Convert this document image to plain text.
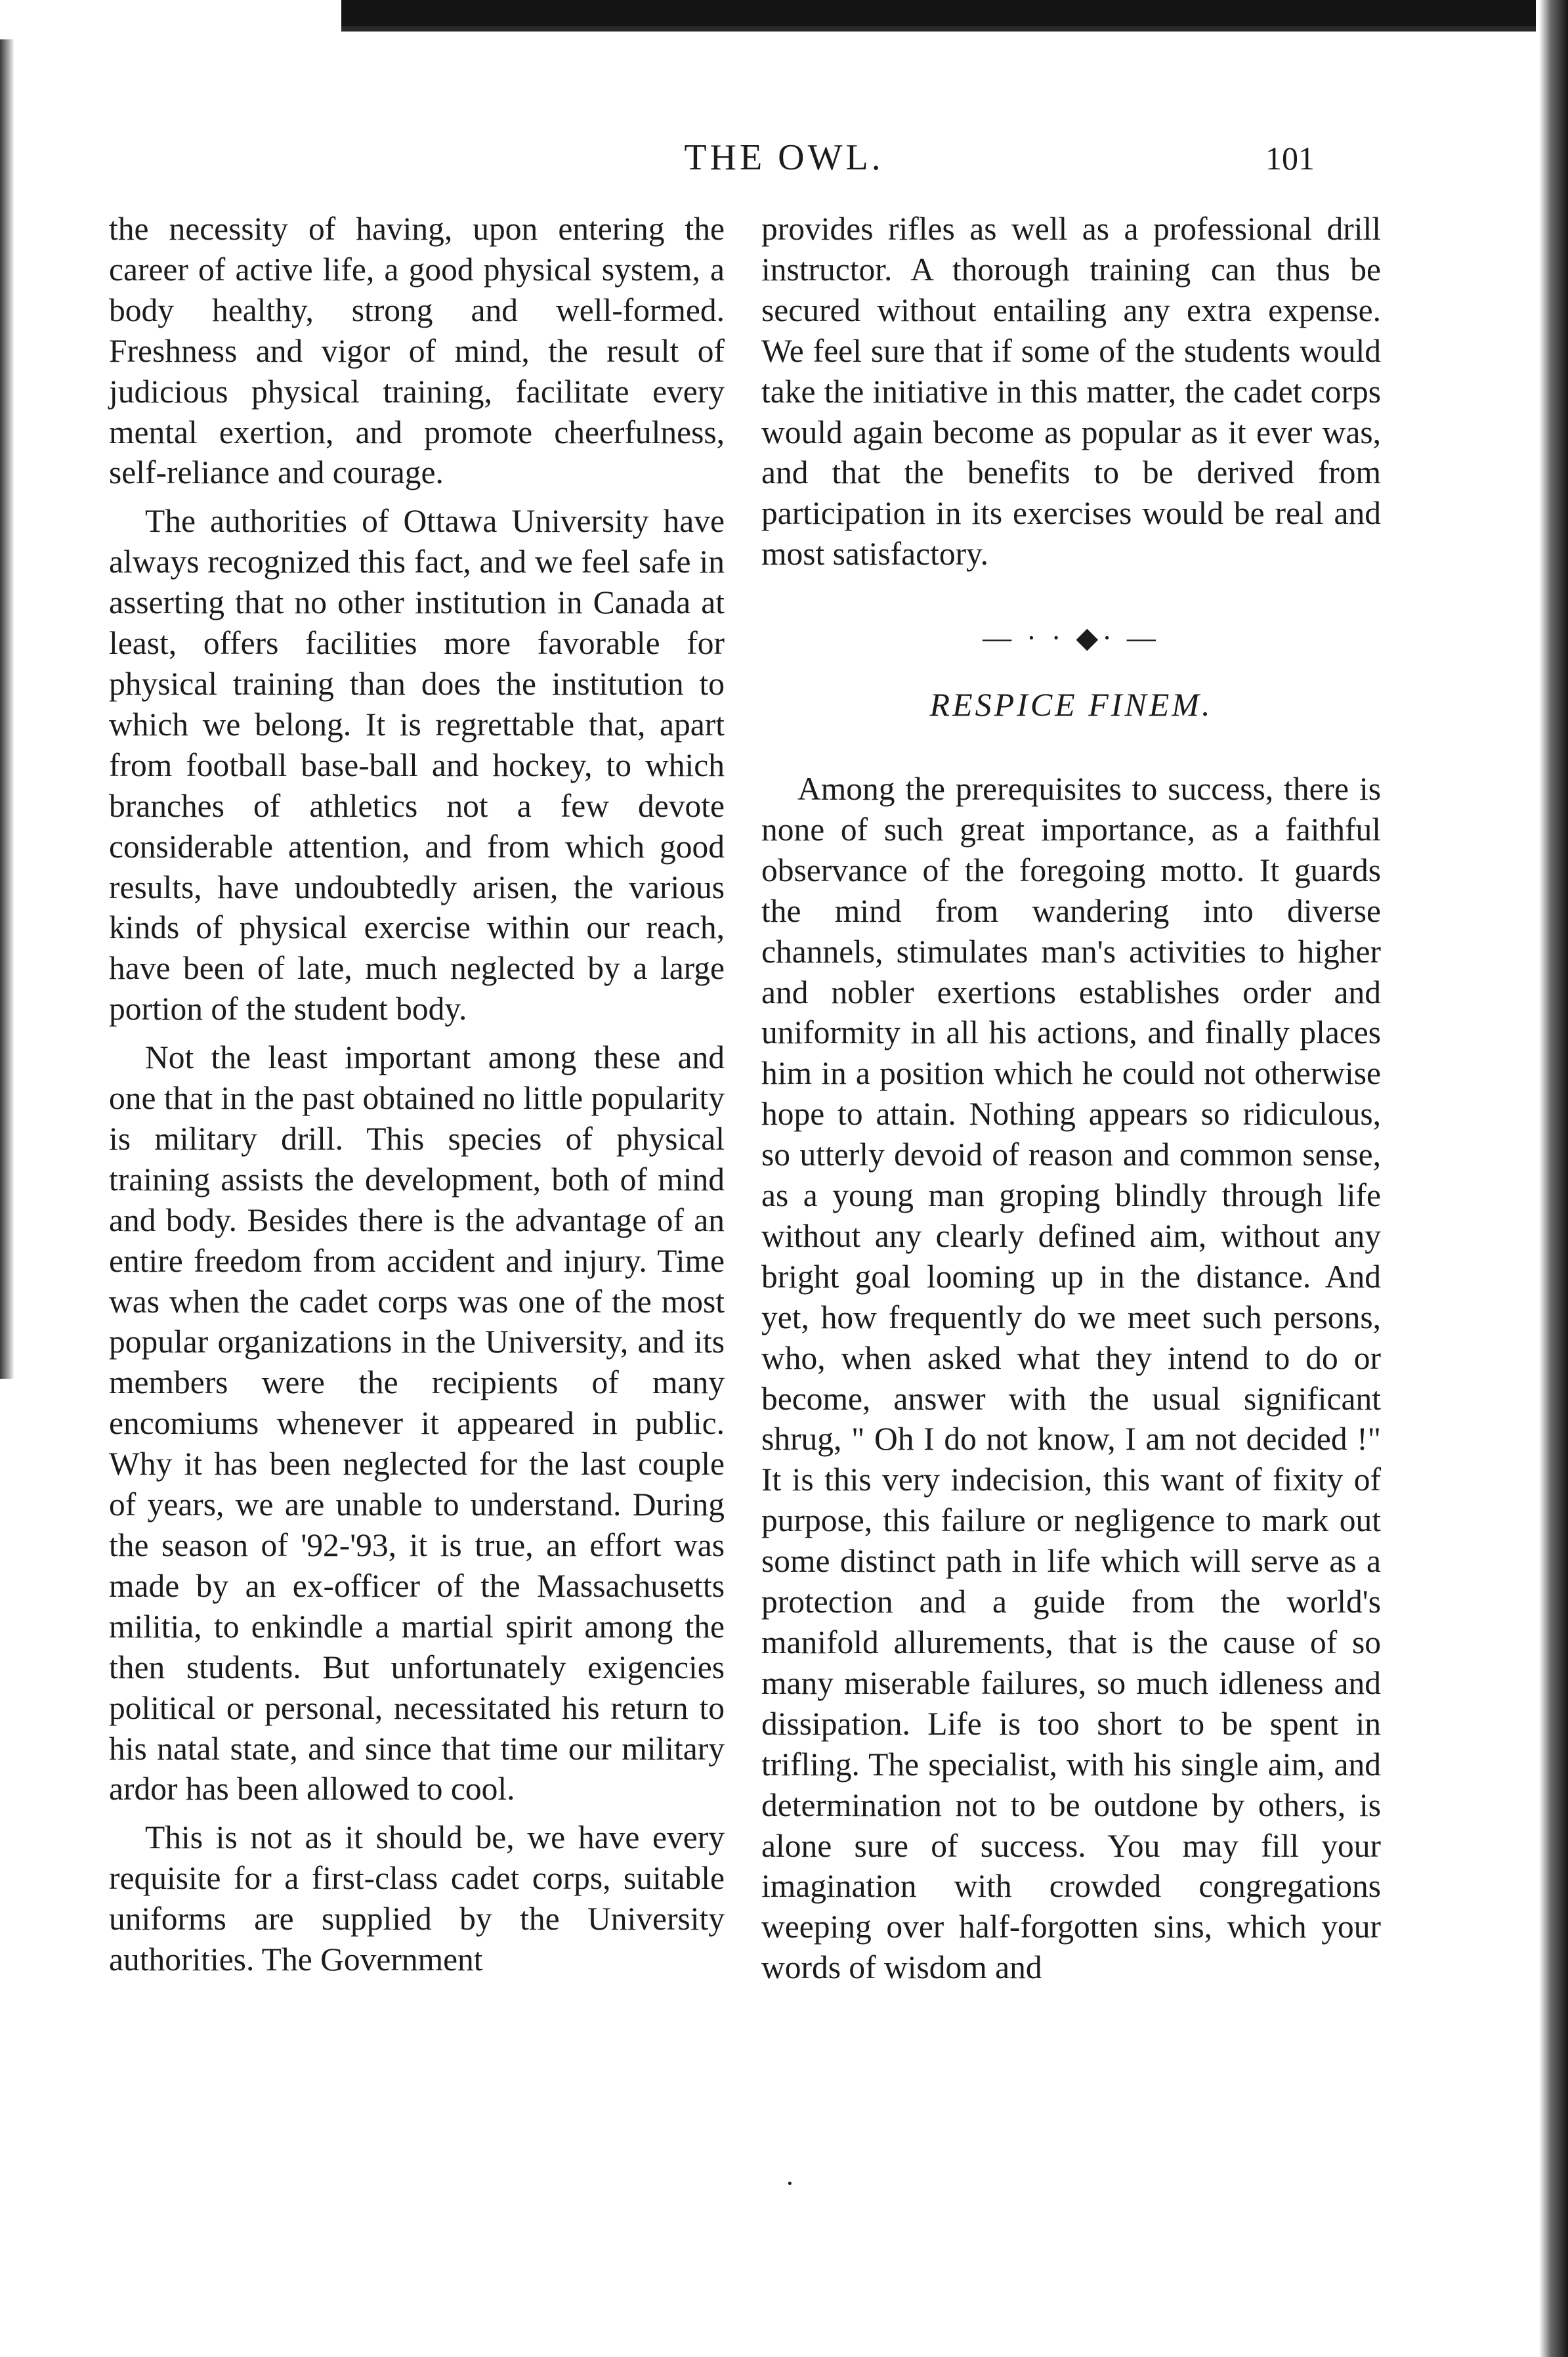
THE OWL.	101

the necessity of having, upon entering the career of active life, a good physical system, a body healthy, strong and well-formed. Freshness and vigor of mind, the result of judicious physical training, facilitate every mental exertion, and promote cheerfulness, self-reliance and courage.

The authorities of Ottawa University have always recognized this fact, and we feel safe in asserting that no other institution in Canada at least, offers facilities more favorable for physical training than does the institution to which we belong. It is regrettable that, apart from football base-ball and hockey, to which branches of athletics not a few devote considerable attention, and from which good results, have undoubtedly arisen, the various kinds of physical exercise within our reach, have been of late, much neglected by a large portion of the student body.

Not the least important among these and one that in the past obtained no little popularity is military drill. This species of physical training assists the development, both of mind and body. Besides there is the advantage of an entire freedom from accident and injury. Time was when the cadet corps was one of the most popular organizations in the University, and its members were the recipients of many encomiums whenever it appeared in public. Why it has been neglected for the last couple of years, we are unable to understand. During the season of '92-'93, it is true, an effort was made by an ex-officer of the Massachusetts militia, to enkindle a martial spirit among the then students. But unfortunately exigencies political or personal, necessitated his return to his natal state, and since that time our military ardor has been allowed to cool.

This is not as it should be, we have every requisite for a first-class cadet corps, suitable uniforms are supplied by the University authorities. The Government

provides rifles as well as a professional drill instructor. A thorough training can thus be secured without entailing any extra expense. We feel sure that if some of the students would take the initiative in this matter, the cadet corps would again become as popular as it ever was, and that the benefits to be derived from participation in its exercises would be real and most satisfactory.

— · · ◆· —
RESPICE FINEM.

Among the prerequisites to success, there is none of such great importance, as a faithful observance of the foregoing motto. It guards the mind from wandering into diverse channels, stimulates man's activities to higher and nobler exertions establishes order and uniformity in all his actions, and finally places him in a position which he could not otherwise hope to attain. Nothing appears so ridiculous, so utterly devoid of reason and common sense, as a young man groping blindly through life without any clearly defined aim, without any bright goal looming up in the distance. And yet, how frequently do we meet such persons, who, when asked what they intend to do or become, answer with the usual significant shrug, " Oh I do not know, I am not decided !" It is this very indecision, this want of fixity of purpose, this failure or negligence to mark out some distinct path in life which will serve as a protection and a guide from the world's manifold allurements, that is the cause of so many miserable failures, so much idleness and dissipation. Life is too short to be spent in trifling. The specialist, with his single aim, and determination not to be outdone by others, is alone sure of success. You may fill your imagination with crowded congregations weeping over half-forgotten sins, which your words of wisdom and

·
